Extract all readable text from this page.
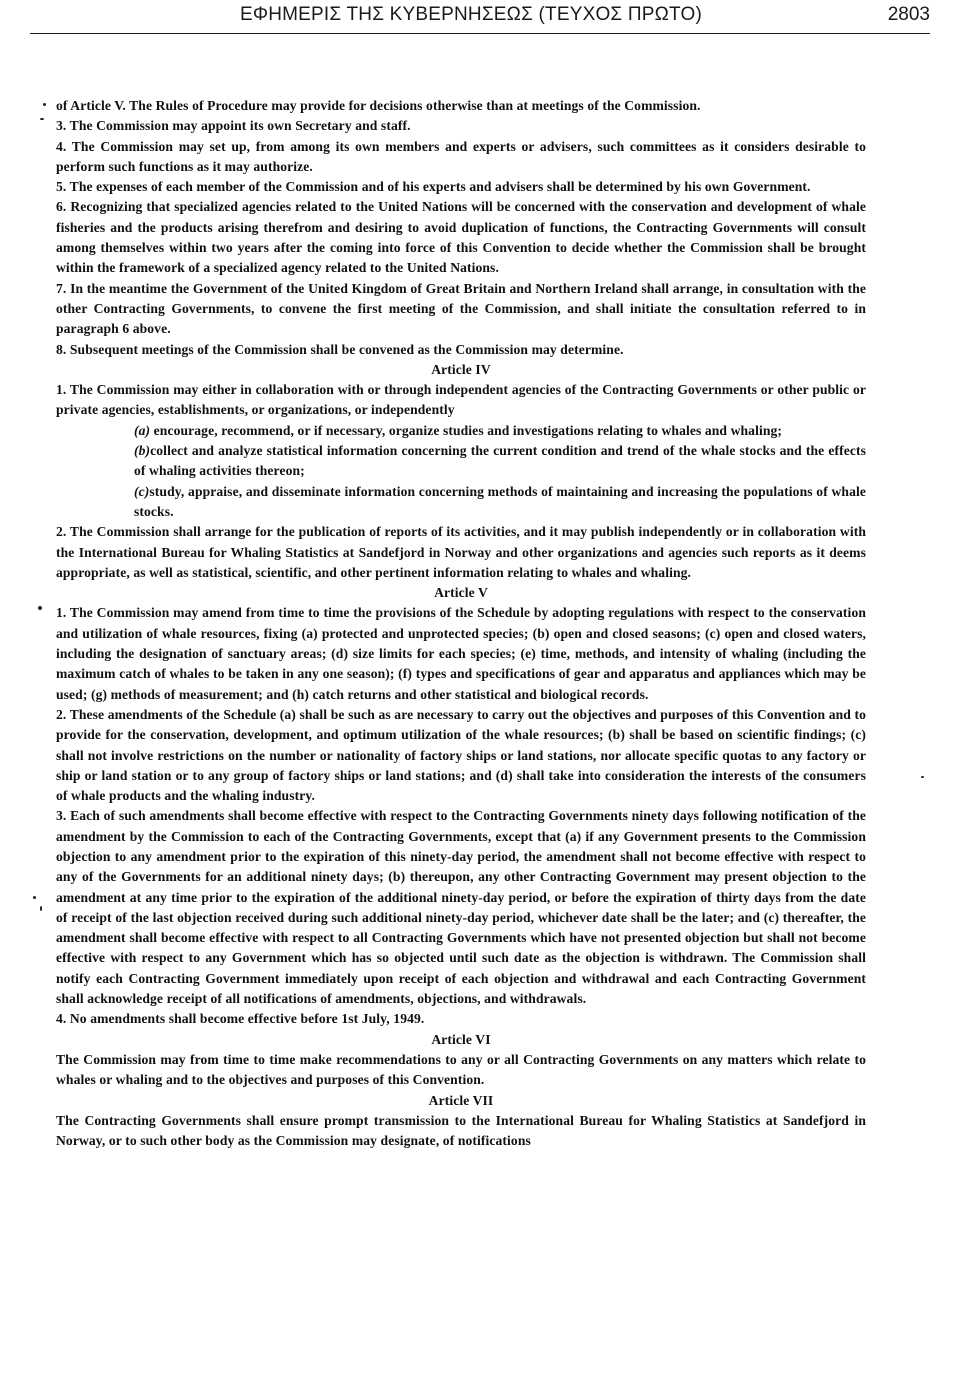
ΕΦΗΜΕΡΙΣ ΤΗΣ ΚΥΒΕΡΝΗΣΕΩΣ (ΤΕΥΧΟΣ ΠΡΩΤΟ)	2803

of Article V. The Rules of Procedure may provide for decisions otherwise than at meetings of the Commission.

3. The Commission may appoint its own Secretary and staff.

4. The Commission may set up, from among its own members and experts or advisers, such committees as it considers desirable to perform such functions as it may authorize.

5. The expenses of each member of the Commission and of his experts and advisers shall be determined by his own Government.

6. Recognizing that specialized agencies related to the United Nations will be concerned with the conservation and development of whale fisheries and the products arising therefrom and desiring to avoid duplication of functions, the Contracting Governments will consult among themselves within two years after the coming into force of this Convention to decide whether the Commission shall be brought within the framework of a specialized agency related to the United Nations.

7. In the meantime the Government of the United Kingdom of Great Britain and Northern Ireland shall arrange, in consultation with the other Contracting Governments, to convene the first meeting of the Commission, and shall initiate the consultation referred to in paragraph 6 above.

8. Subsequent meetings of the Commission shall be convened as the Commission may determine.

Article IV

1. The Commission may either in collaboration with or through independent agencies of the Contracting Governments or other public or private agencies, establishments, or organizations, or independently

(a) encourage, recommend, or if necessary, organize studies and investigations relating to whales and whaling;

(b)collect and analyze statistical information concerning the current condition and trend of the whale stocks and the effects of whaling activities thereon;

(c)study, appraise, and disseminate information concerning methods of maintaining and increasing the populations of whale stocks.

2. The Commission shall arrange for the publication of reports of its activities, and it may publish independently or in collaboration with the International Bureau for Whaling Statistics at Sandefjord in Norway and other organizations and agencies such reports as it deems appropriate, as well as statistical, scientific, and other pertinent information relating to whales and whaling.

Article V

1. The Commission may amend from time to time the provisions of the Schedule by adopting regulations with respect to the conservation and utilization of whale resources, fixing (a) protected and unprotected species; (b) open and closed seasons; (c) open and closed waters, including the designation of sanctuary areas; (d) size limits for each species; (e) time, methods, and intensity of whaling (including the maximum catch of whales to be taken in any one season); (f) types and specifications of gear and apparatus and appliances which may be used; (g) methods of measurement; and (h) catch returns and other statistical and biological records.

2. These amendments of the Schedule (a) shall be such as are necessary to carry out the objectives and purposes of this Convention and to provide for the conservation, development, and optimum utilization of the whale resources; (b) shall be based on scientific findings; (c) shall not involve restrictions on the number or nationality of factory ships or land stations, nor allocate specific quotas to any factory or ship or land station or to any group of factory ships or land stations; and (d) shall take into consideration the interests of the consumers of whale products and the whaling industry.

3. Each of such amendments shall become effective with respect to the Contracting Governments ninety days following notification of the amendment by the Commission to each of the Contracting Governments, except that (a) if any Government presents to the Commission objection to any amendment prior to the expiration of this ninety-day period, the amendment shall not become effective with respect to any of the Governments for an additional ninety days; (b) thereupon, any other Contracting Government may present objection to the amendment at any time prior to the expiration of the additional ninety-day period, or before the expiration of thirty days from the date of receipt of the last objection received during such additional ninety-day period, whichever date shall be the later; and (c) thereafter, the amendment shall become effective with respect to all Contracting Governments which have not presented objection but shall not become effective with respect to any Government which has so objected until such date as the objection is withdrawn. The Commission shall notify each Contracting Government immediately upon receipt of each objection and withdrawal and each Contracting Government shall acknowledge receipt of all notifications of amendments, objections, and withdrawals.

4. No amendments shall become effective before 1st July, 1949.

Article VI

The Commission may from time to time make recommendations to any or all Contracting Governments on any matters which relate to whales or whaling and to the objectives and purposes of this Convention.

Article VII

The Contracting Governments shall ensure prompt transmission to the International Bureau for Whaling Statistics at Sandefjord in Norway, or to such other body as the Commission may designate, of notifications
